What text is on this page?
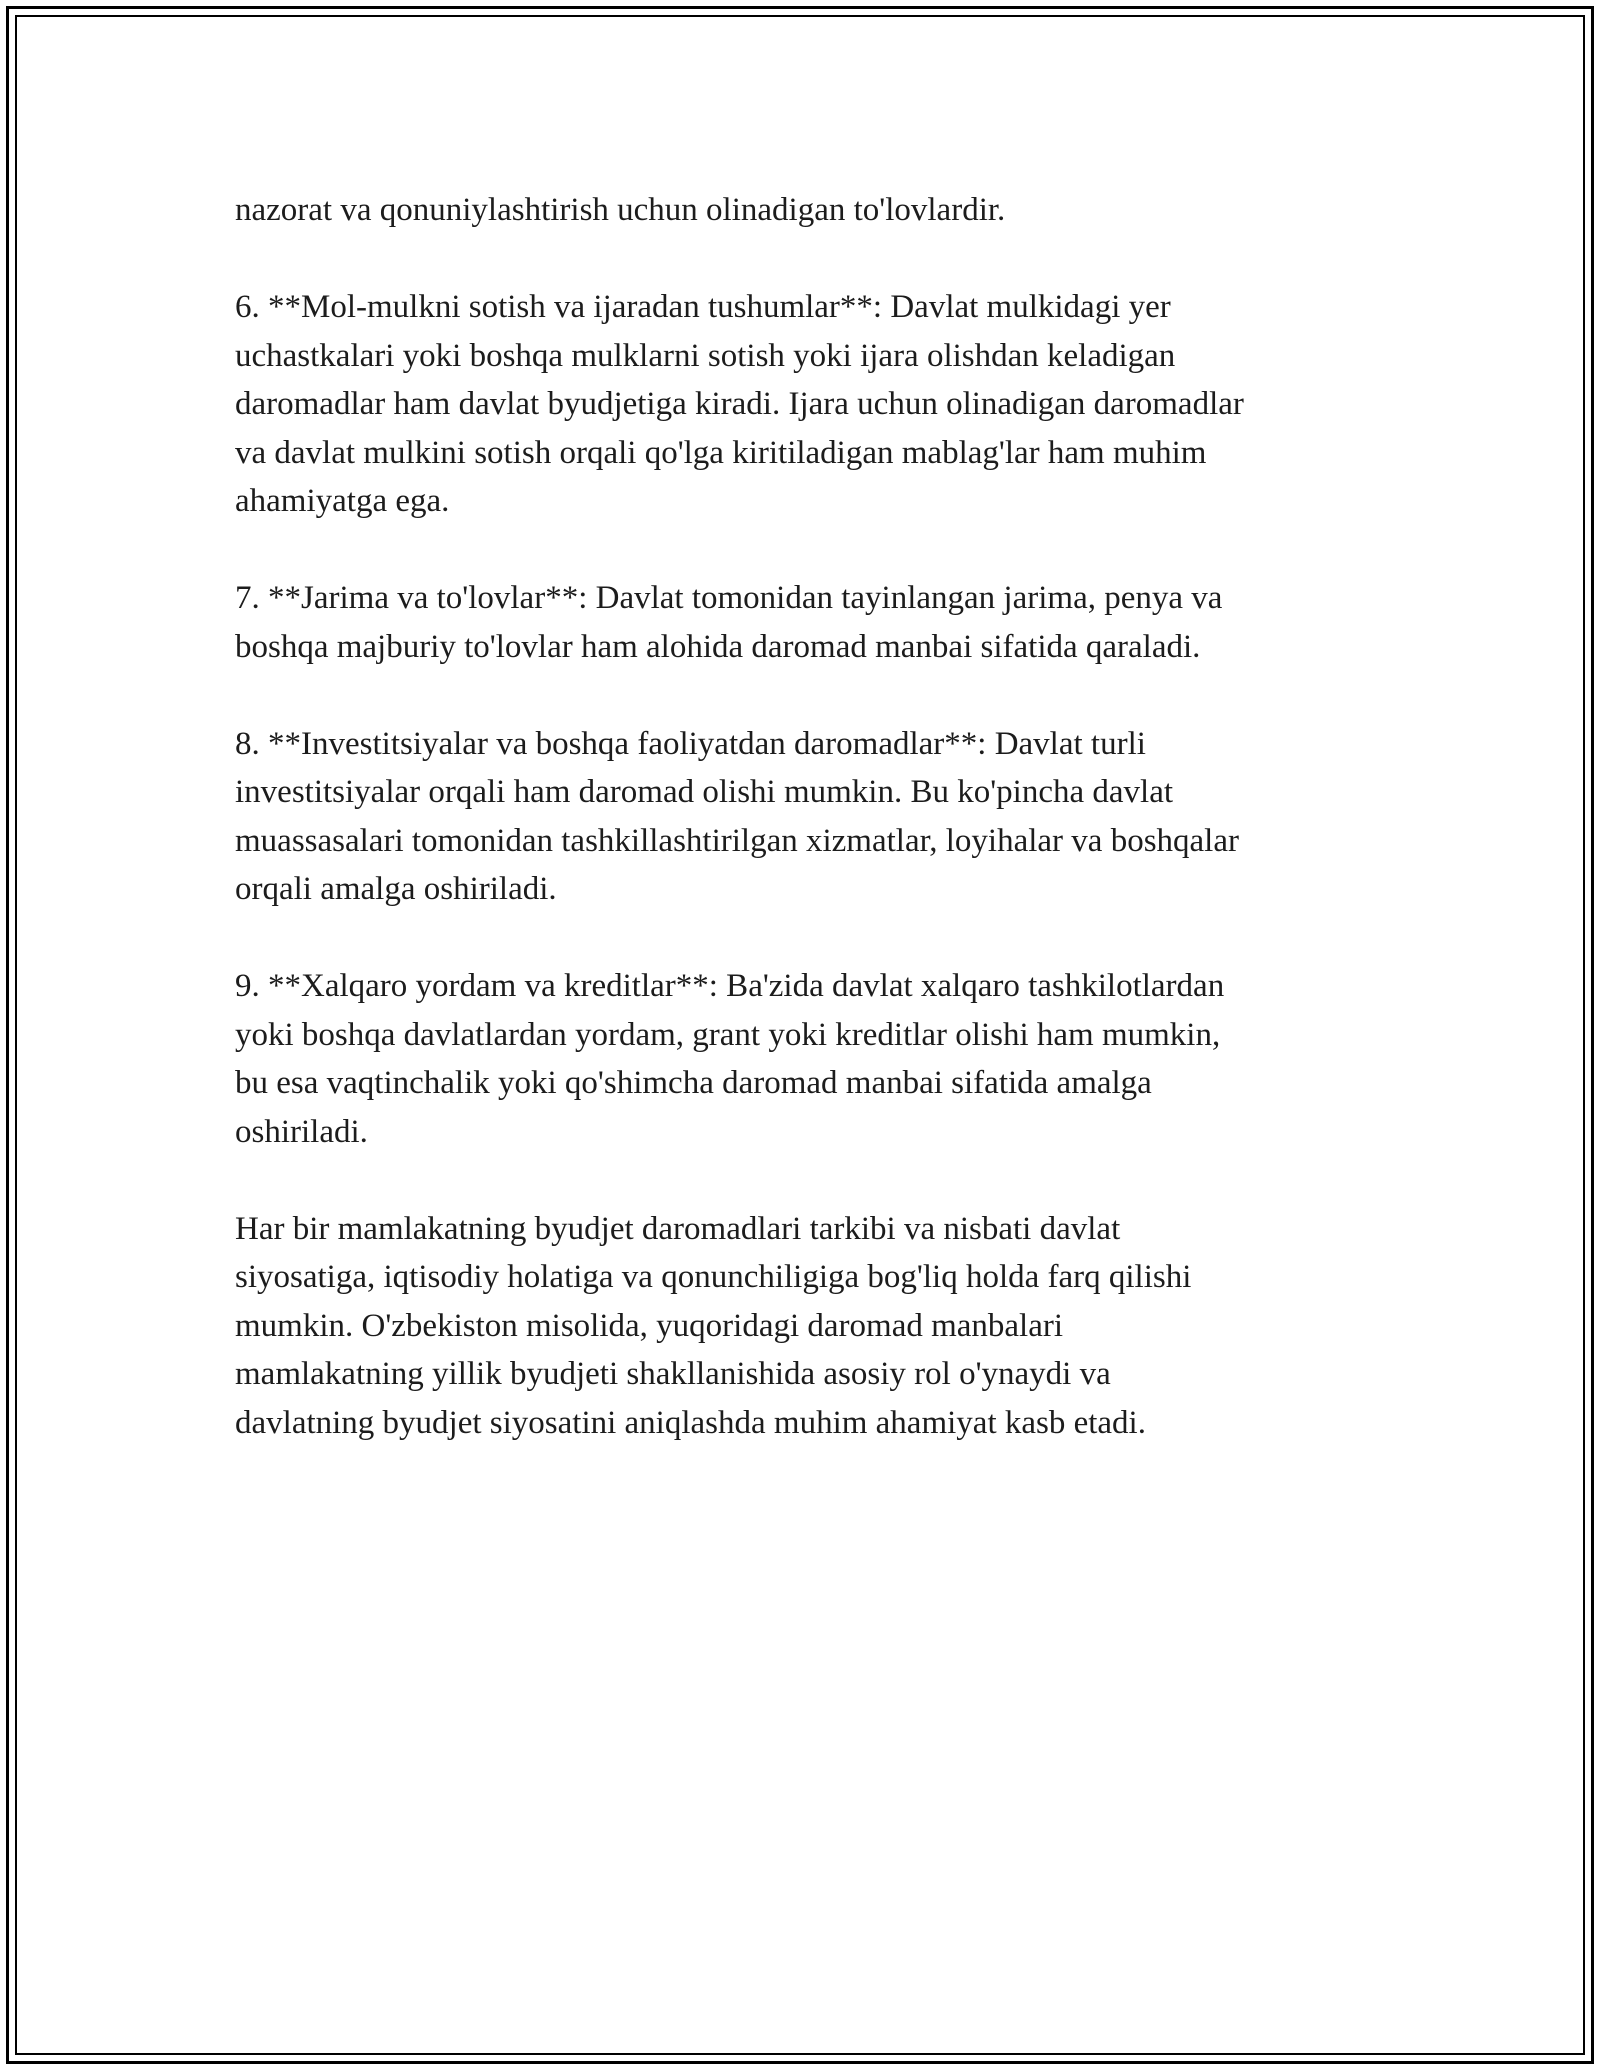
nazorat va qonuniylashtirish uchun olinadigan to'lovlardir.

6. **Mol-mulkni sotish va ijaradan tushumlar**: Davlat mulkidagi yer
uchastkalari yoki boshqa mulklarni sotish yoki ijara olishdan keladigan
daromadlar ham davlat byudjetiga kiradi. Ijara uchun olinadigan daromadlar
va davlat mulkini sotish orqali qo'lga kiritiladigan mablag'lar ham muhim
ahamiyatga ega.

7. **Jarima va to'lovlar**: Davlat tomonidan tayinlangan jarima, penya va
boshqa majburiy to'lovlar ham alohida daromad manbai sifatida qaraladi.

8. **Investitsiyalar va boshqa faoliyatdan daromadlar**: Davlat turli
investitsiyalar orqali ham daromad olishi mumkin. Bu ko'pincha davlat
muassasalari tomonidan tashkillashtirilgan xizmatlar, loyihalar va boshqalar
orqali amalga oshiriladi.

9. **Xalqaro yordam va kreditlar**: Ba'zida davlat xalqaro tashkilotlardan
yoki boshqa davlatlardan yordam, grant yoki kreditlar olishi ham mumkin,
bu esa vaqtinchalik yoki qo'shimcha daromad manbai sifatida amalga
oshiriladi.

Har bir mamlakatning byudjet daromadlari tarkibi va nisbati davlat
siyosatiga, iqtisodiy holatiga va qonunchiligiga bog'liq holda farq qilishi
mumkin. O'zbekiston misolida, yuqoridagi daromad manbalari
mamlakatning yillik byudjeti shakllanishida asosiy rol o'ynaydi va
davlatning byudjet siyosatini aniqlashda muhim ahamiyat kasb etadi.
